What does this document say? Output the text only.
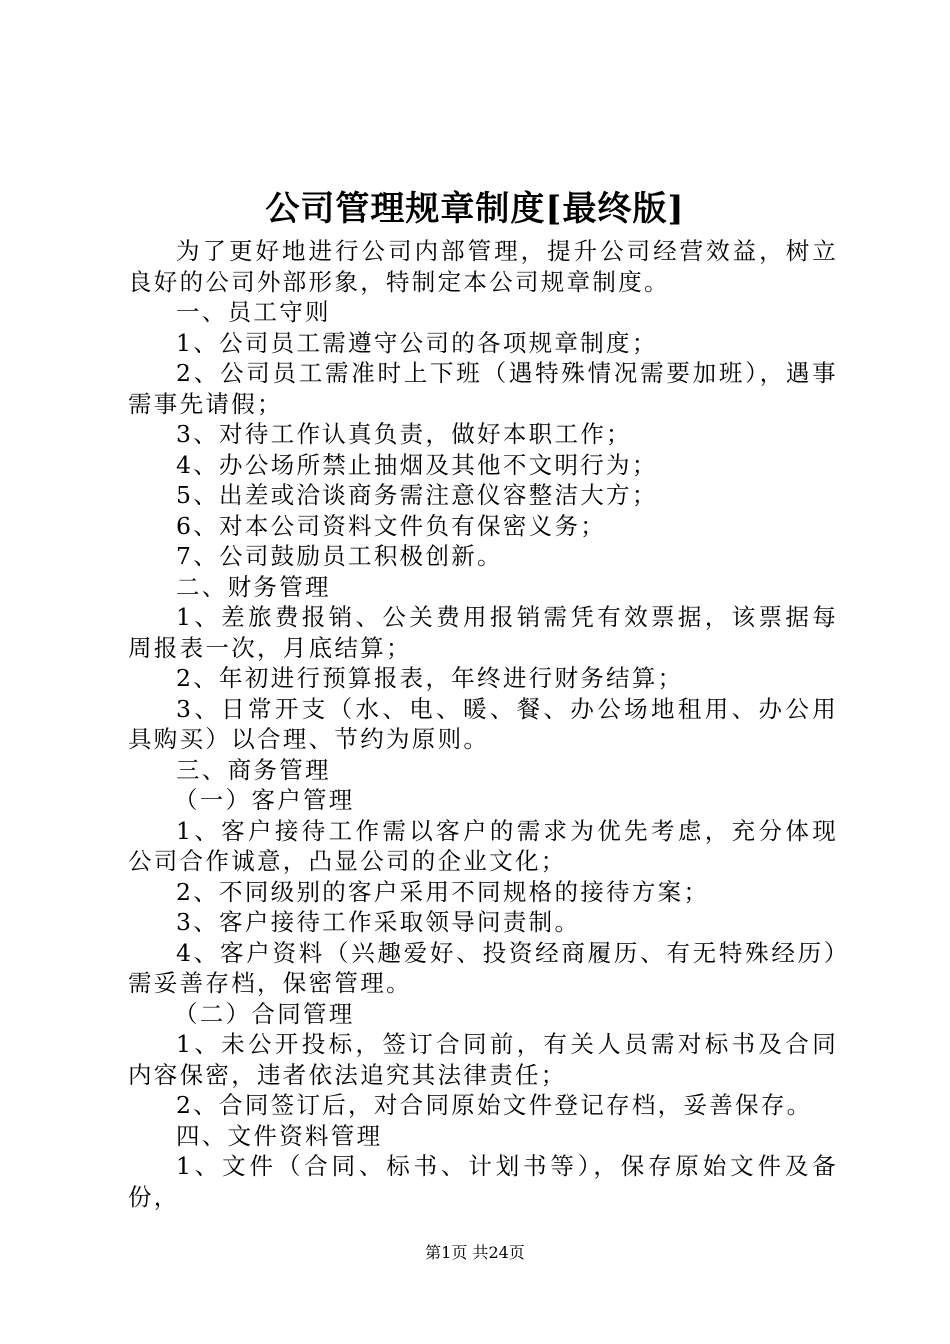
公司管理规章制度[最终版]

为了更好地进行公司内部管理，提升公司经营效益，树立良好的公司外部形象，特制定本公司规章制度。

一、员工守则

1、公司员工需遵守公司的各项规章制度；

2、公司员工需准时上下班（遇特殊情况需要加班），遇事需事先请假；

3、对待工作认真负责，做好本职工作；

4、办公场所禁止抽烟及其他不文明行为；

5、出差或洽谈商务需注意仪容整洁大方；

6、对本公司资料文件负有保密义务；

7、公司鼓励员工积极创新。

二、财务管理

1、差旅费报销、公关费用报销需凭有效票据，该票据每周报表一次，月底结算；

2、年初进行预算报表，年终进行财务结算；

3、日常开支（水、电、暖、餐、办公场地租用、办公用具购买）以合理、节约为原则。

三、商务管理

（一）客户管理

1、客户接待工作需以客户的需求为优先考虑，充分体现公司合作诚意，凸显公司的企业文化；

2、不同级别的客户采用不同规格的接待方案；

3、客户接待工作采取领导问责制。

4、客户资料（兴趣爱好、投资经商履历、有无特殊经历）需妥善存档，保密管理。

（二）合同管理

1、未公开投标，签订合同前，有关人员需对标书及合同内容保密，违者依法追究其法律责任；

2、合同签订后，对合同原始文件登记存档，妥善保存。

四、文件资料管理

1、文件（合同、标书、计划书等），保存原始文件及备份，

第1页 共24页
